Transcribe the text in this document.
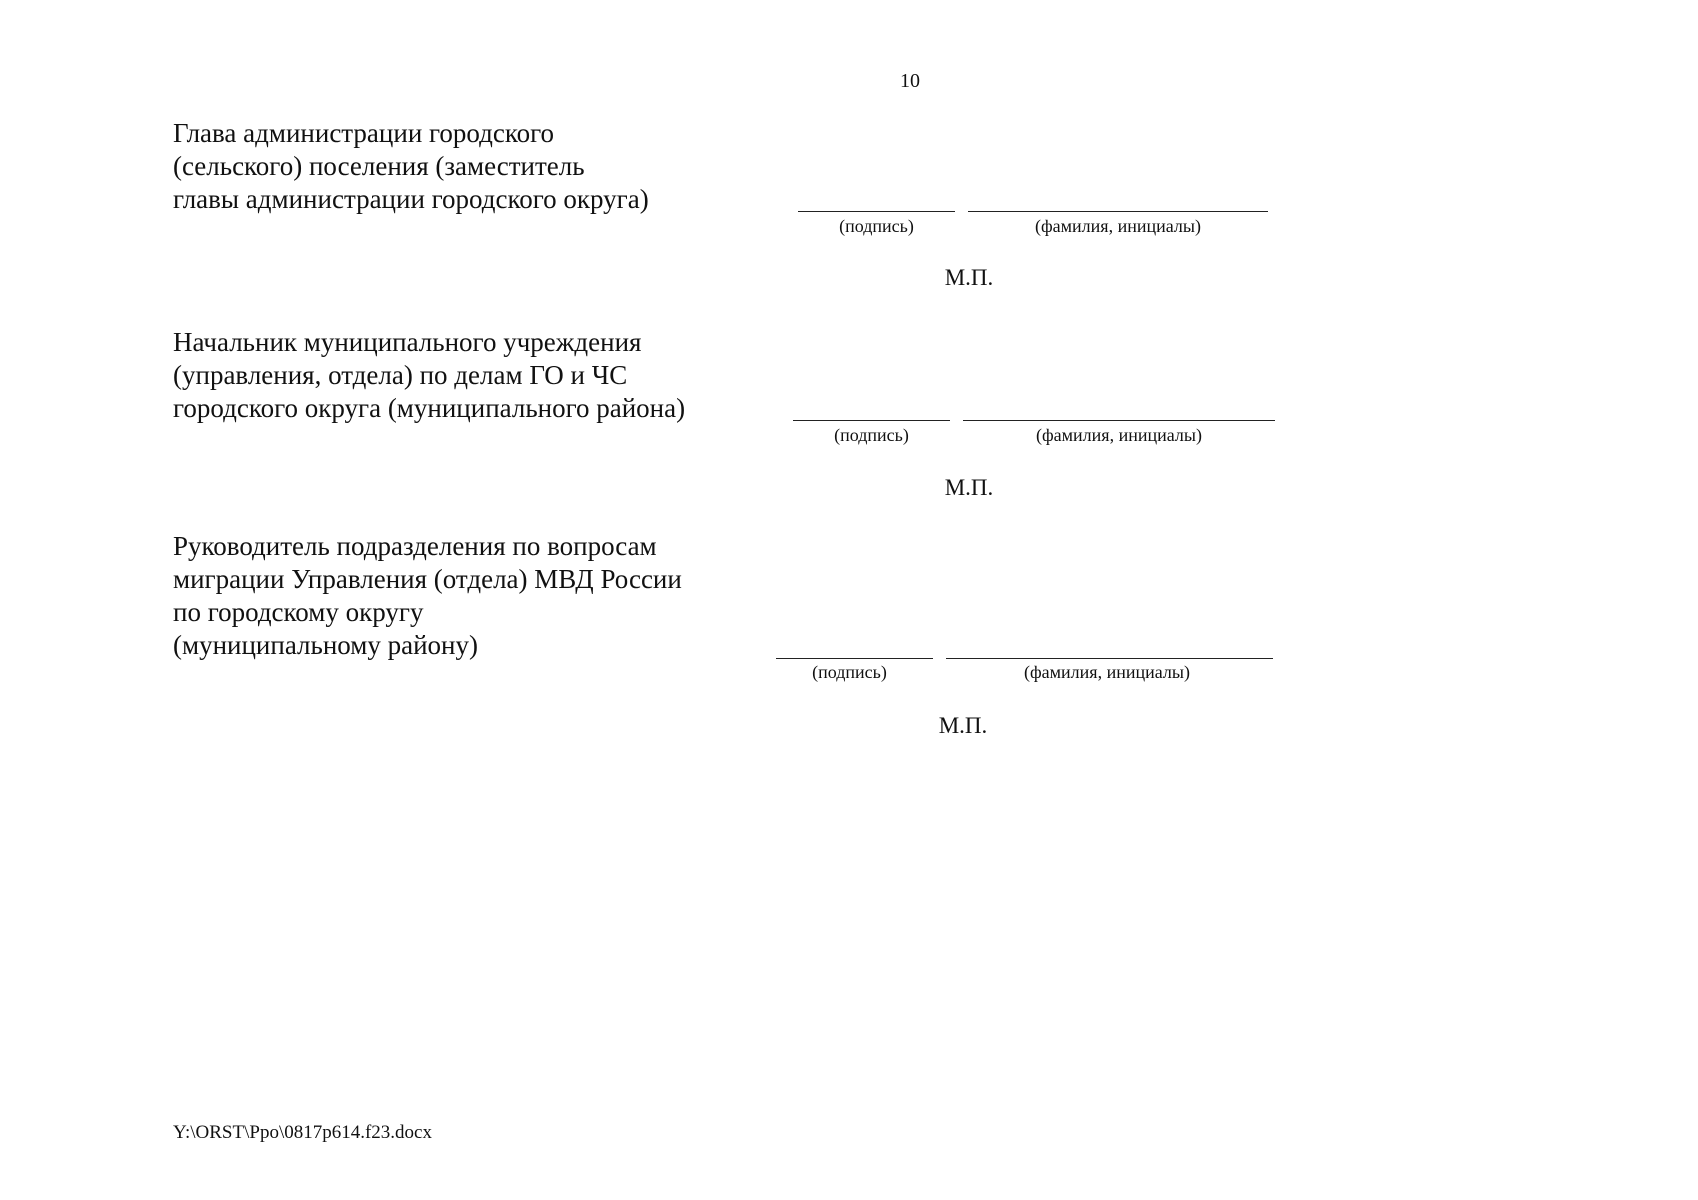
10
Глава администрации городского
(сельского) поселения (заместитель
главы администрации городского округа)
(подпись)	(фамилия, инициалы)
М.П.
Начальник муниципального учреждения
(управления, отдела) по делам ГО и ЧС
городского округа (муниципального района)
(подпись)	(фамилия, инициалы)
М.П.
Руководитель подразделения по вопросам
миграции Управления (отдела) МВД России
по городскому округу
(муниципальному району)
(подпись)	(фамилия, инициалы)
М.П.
Y:\ORST\Ppo\0817p614.f23.docx
